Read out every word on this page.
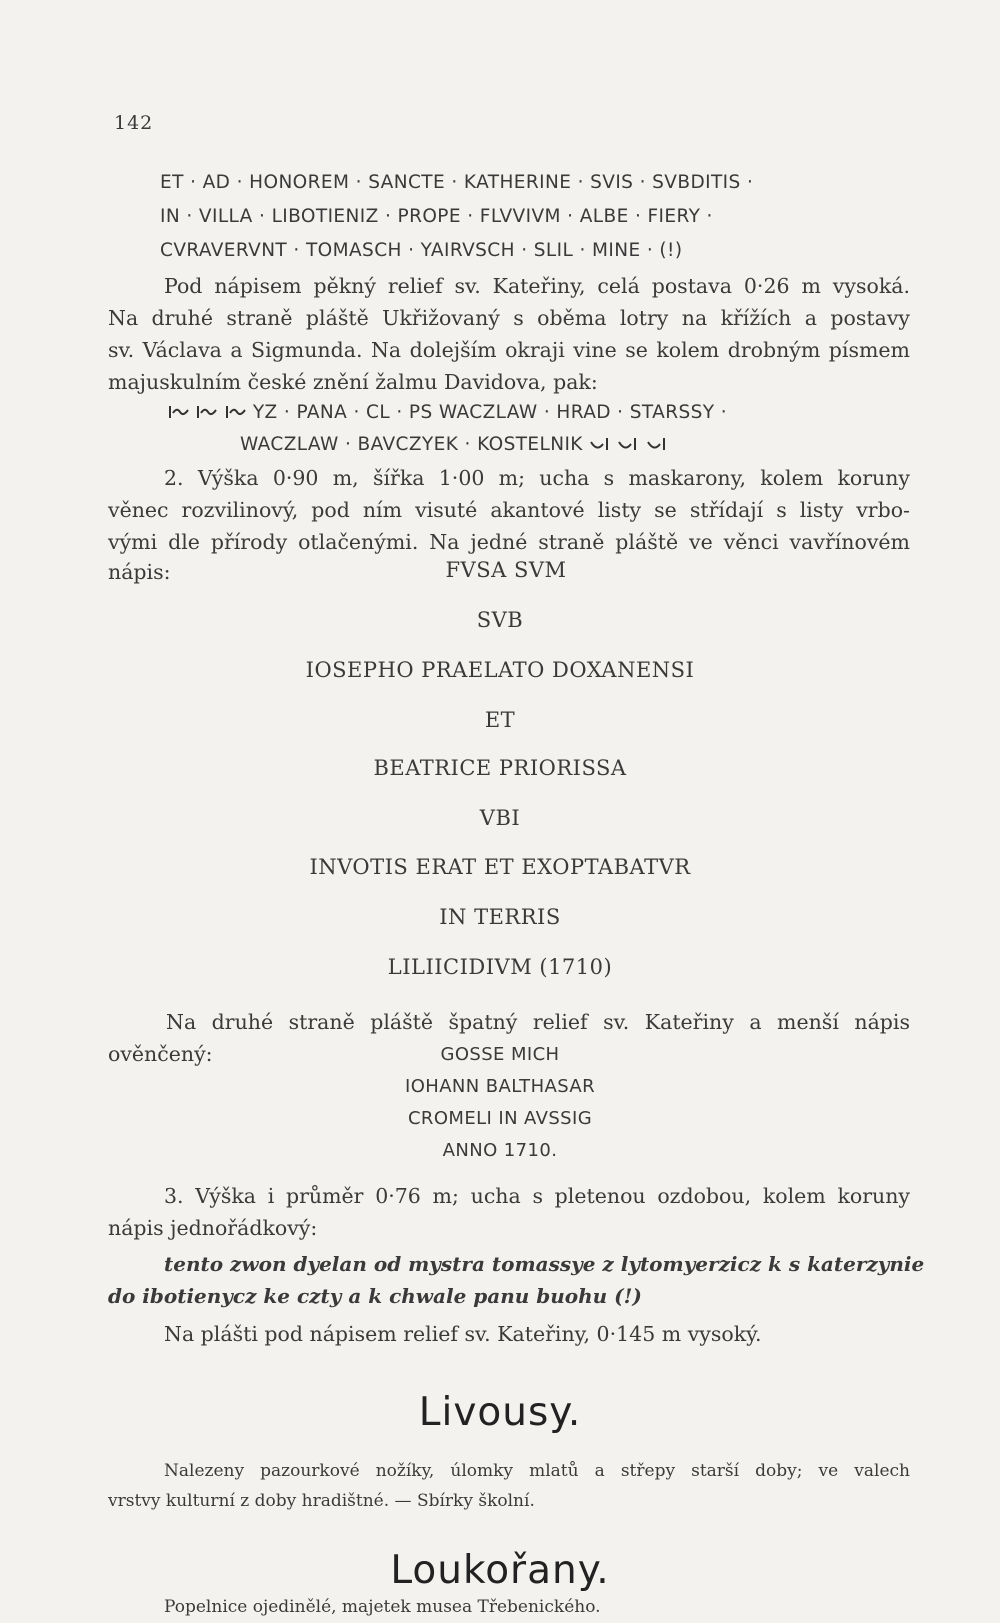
142
ET · AD · HONOREM · SANCTE · KATHERINE · SVIS · SVBDITIS ·
IN · VILLA · LIBOTIENIZ · PROPE · FLVVIVM · ALBE · FIERY ·
CVRAVERVNT · TOMASCH · YAIRVSCH · SLIL · MINE · (!)
Pod nápisem pěkný relief sv. Kateřiny, celá postava 0·26 m vysoká.
Na druhé straně pláště Ukřižovaný s oběma lotry na křížích a postavy
sv. Václava a Sigmunda. Na dolejším okraji vine se kolem drobným písmem
majuskulním české znění žalmu Davidova, pak:
YZ · PANA · CL · PS WACZLAW · HRAD · STARSSY ·
WACZLAW · BAVCZYEK · KOSTELNIK
2. Výška 0·90 m, šířka 1·00 m; ucha s maskarony, kolem koruny
věnec rozvilinový, pod ním visuté akantové listy se střídají s listy vrbo-
vými dle přírody otlačenými. Na jedné straně pláště ve věnci vavřínovém
nápis:	FVSA SVM
SVB
IOSEPHO PRAELATO DOXANENSI
ET
BEATRICE PRIORISSA
VBI
INVOTIS ERAT ET EXOPTABATVR
IN TERRIS
LILIICIDIVM (1710)
Na druhé straně pláště špatný relief sv. Kateřiny a menší nápis
ověnčený:	GOSSE MICH
IOHANN BALTHASAR
CROMELI IN AVSSIG
ANNO 1710.
3. Výška i průměr 0·76 m; ucha s pletenou ozdobou, kolem koruny
nápis jednořádkový:
tento zwon dyelan od mystra tomassye z lytomyerzicz k s katerzynie
do ibotienycz ke czty a k chwale panu buohu (!)
Na plášti pod nápisem relief sv. Kateřiny, 0·145 m vysoký.
Livousy.
Nalezeny pazourkové nožíky, úlomky mlatů a střepy starší doby; ve valech
vrstvy kulturní z doby hradištné. — Sbírky školní.
Loukořany.
Popelnice ojedinělé, majetek musea Třebenického.
